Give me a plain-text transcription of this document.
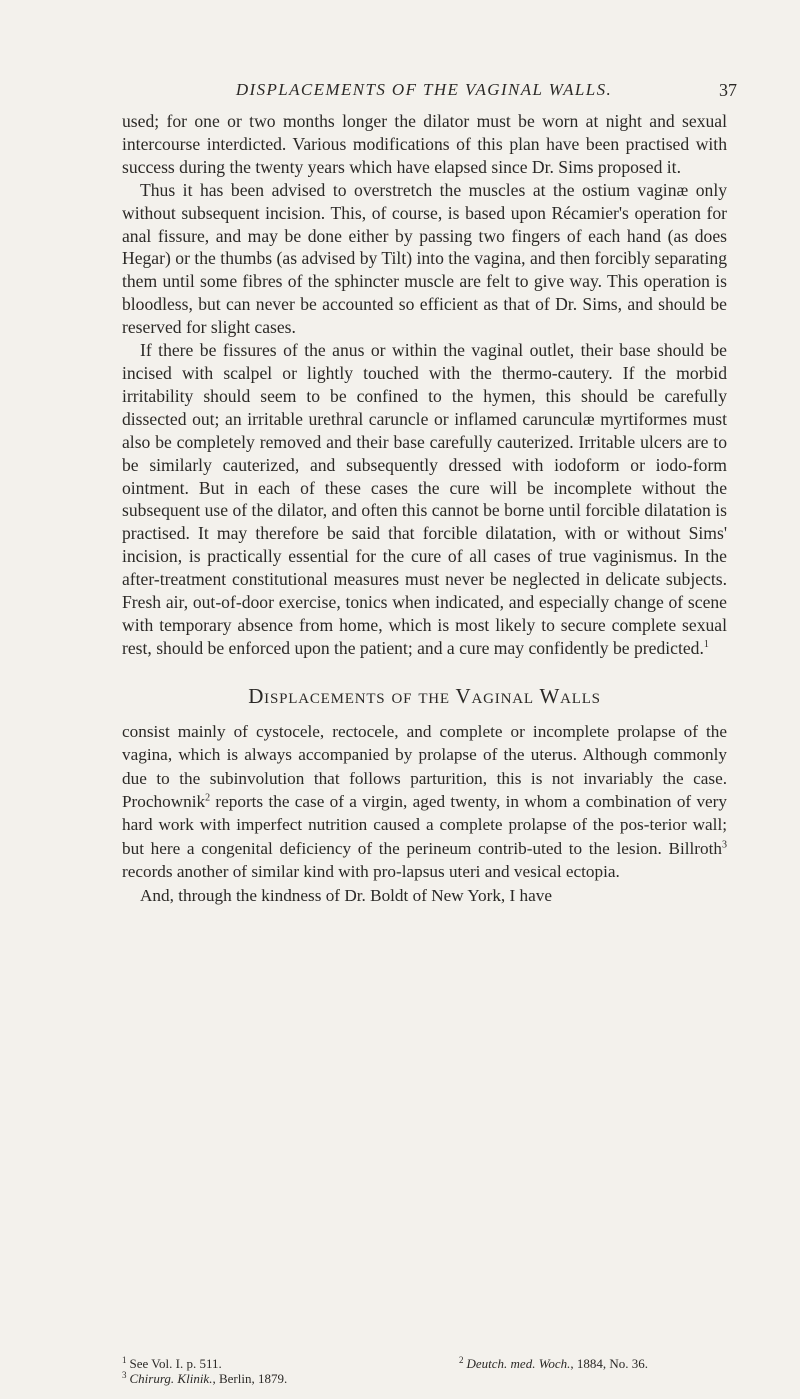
DISPLACEMENTS OF THE VAGINAL WALLS.	37

used; for one or two months longer the dilator must be worn at night and sexual intercourse interdicted. Various modifications of this plan have been practised with success during the twenty years which have elapsed since Dr. Sims proposed it.

Thus it has been advised to overstretch the muscles at the ostium vaginæ only without subsequent incision. This, of course, is based upon Récamier's operation for anal fissure, and may be done either by passing two fingers of each hand (as does Hegar) or the thumbs (as advised by Tilt) into the vagina, and then forcibly separating them until some fibres of the sphincter muscle are felt to give way. This operation is bloodless, but can never be accounted so efficient as that of Dr. Sims, and should be reserved for slight cases.

If there be fissures of the anus or within the vaginal outlet, their base should be incised with scalpel or lightly touched with the thermo-cautery. If the morbid irritability should seem to be confined to the hymen, this should be carefully dissected out; an irritable urethral caruncle or inflamed carunculæ myrtiformes must also be completely removed and their base carefully cauterized. Irritable ulcers are to be similarly cauterized, and subsequently dressed with iodoform or iodo-form ointment. But in each of these cases the cure will be incomplete without the subsequent use of the dilator, and often this cannot be borne until forcible dilatation is practised. It may therefore be said that forcible dilatation, with or without Sims' incision, is practically essential for the cure of all cases of true vaginismus. In the after-treatment constitutional measures must never be neglected in delicate subjects. Fresh air, out-of-door exercise, tonics when indicated, and especially change of scene with temporary absence from home, which is most likely to secure complete sexual rest, should be enforced upon the patient; and a cure may confidently be predicted.$^1$

Displacements of the Vaginal Walls

consist mainly of cystocele, rectocele, and complete or incomplete prolapse of the vagina, which is always accompanied by prolapse of the uterus. Although commonly due to the subinvolution that follows parturition, this is not invariably the case. Prochownik$^2$ reports the case of a virgin, aged twenty, in whom a combination of very hard work with imperfect nutrition caused a complete prolapse of the pos-terior wall; but here a congenital deficiency of the perineum contrib-uted to the lesion. Billroth$^3$ records another of similar kind with pro-lapsus uteri and vesical ectopia.

And, through the kindness of Dr. Boldt of New York, I have

$^1$ See Vol. I. p. 511.	$^2$ Deutch. med. Woch., 1884, No. 36.
$^3$ Chirurg. Klinik., Berlin, 1879.
